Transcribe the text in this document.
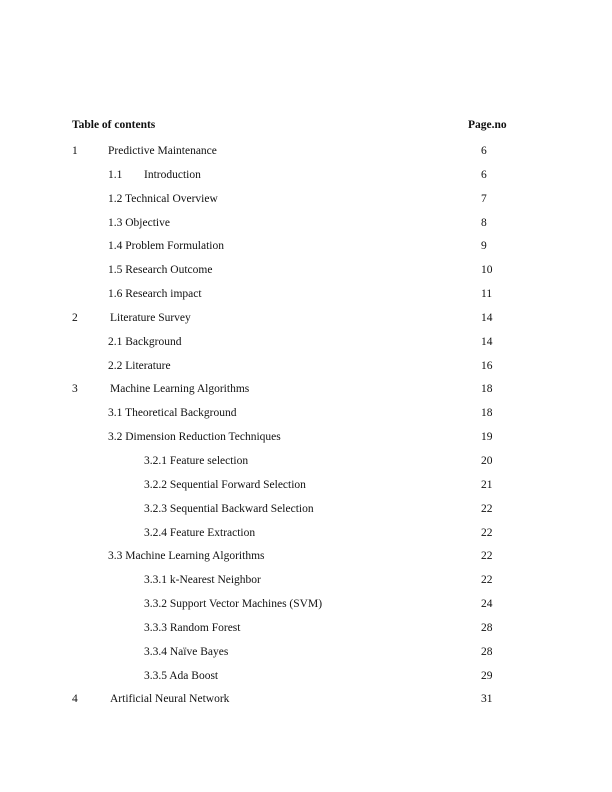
Table of contents	Page.no
1	Predictive Maintenance	6
1.1 Introduction	6
1.2 Technical Overview	7
1.3 Objective	8
1.4 Problem Formulation	9
1.5 Research Outcome	10
1.6 Research impact	11
2	Literature Survey	14
2.1 Background	14
2.2 Literature	16
3	Machine Learning Algorithms	18
3.1 Theoretical Background	18
3.2 Dimension Reduction Techniques	19
3.2.1 Feature selection	20
3.2.2 Sequential Forward Selection	21
3.2.3 Sequential Backward Selection	22
3.2.4 Feature Extraction	22
3.3 Machine Learning Algorithms	22
3.3.1 k-Nearest Neighbor	22
3.3.2 Support Vector Machines (SVM)	24
3.3.3 Random Forest	28
3.3.4 Naïve Bayes	28
3.3.5 Ada Boost	29
4	Artificial Neural Network	31
